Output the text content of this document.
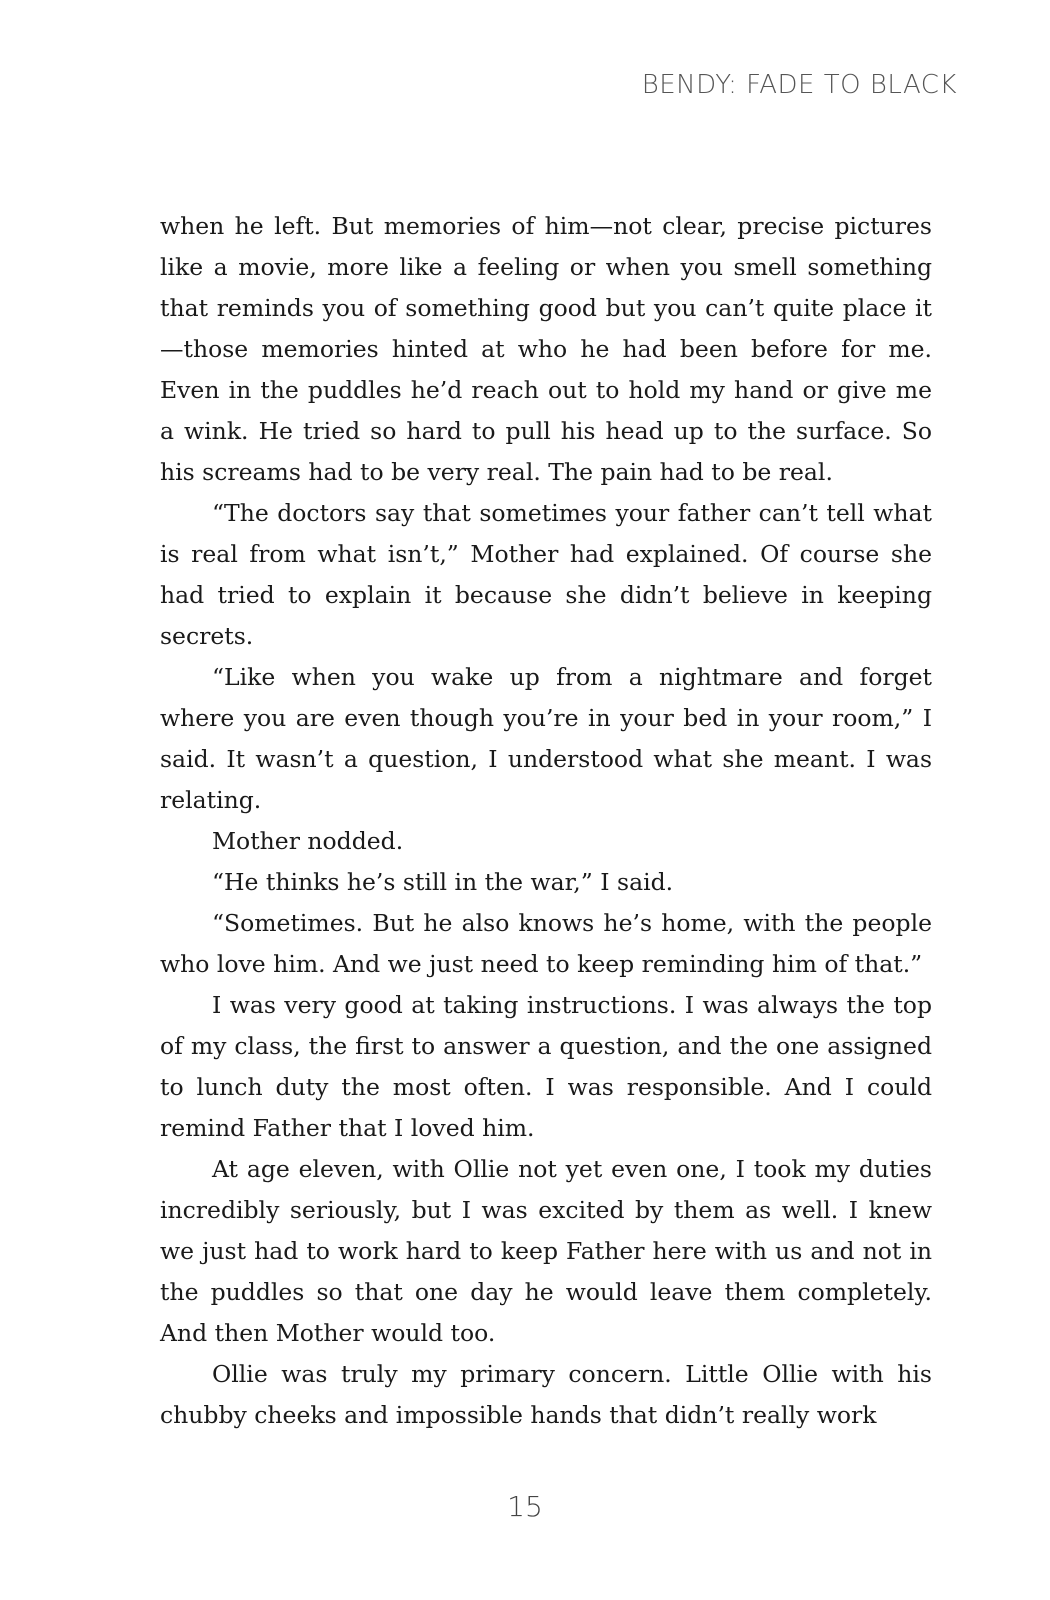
BENDY: FADE TO BLACK

when he left. But memories of him—not clear, precise pictures like a movie, more like a feeling or when you smell something that reminds you of something good but you can’t quite place it—those memories hinted at who he had been before for me. Even in the puddles he’d reach out to hold my hand or give me a wink. He tried so hard to pull his head up to the surface. So his screams had to be very real. The pain had to be real.

“The doctors say that sometimes your father can’t tell what is real from what isn’t,” Mother had explained. Of course she had tried to explain it because she didn’t believe in keeping secrets.

“Like when you wake up from a nightmare and forget where you are even though you’re in your bed in your room,” I said. It wasn’t a question, I understood what she meant. I was relating.

Mother nodded.

“He thinks he’s still in the war,” I said.

“Sometimes. But he also knows he’s home, with the people who love him. And we just need to keep reminding him of that.”

I was very good at taking instructions. I was always the top of my class, the first to answer a question, and the one assigned to lunch duty the most often. I was responsible. And I could remind Father that I loved him.

At age eleven, with Ollie not yet even one, I took my duties incredibly seriously, but I was excited by them as well. I knew we just had to work hard to keep Father here with us and not in the puddles so that one day he would leave them completely. And then Mother would too.

Ollie was truly my primary concern. Little Ollie with his chubby cheeks and impossible hands that didn’t really work

15
